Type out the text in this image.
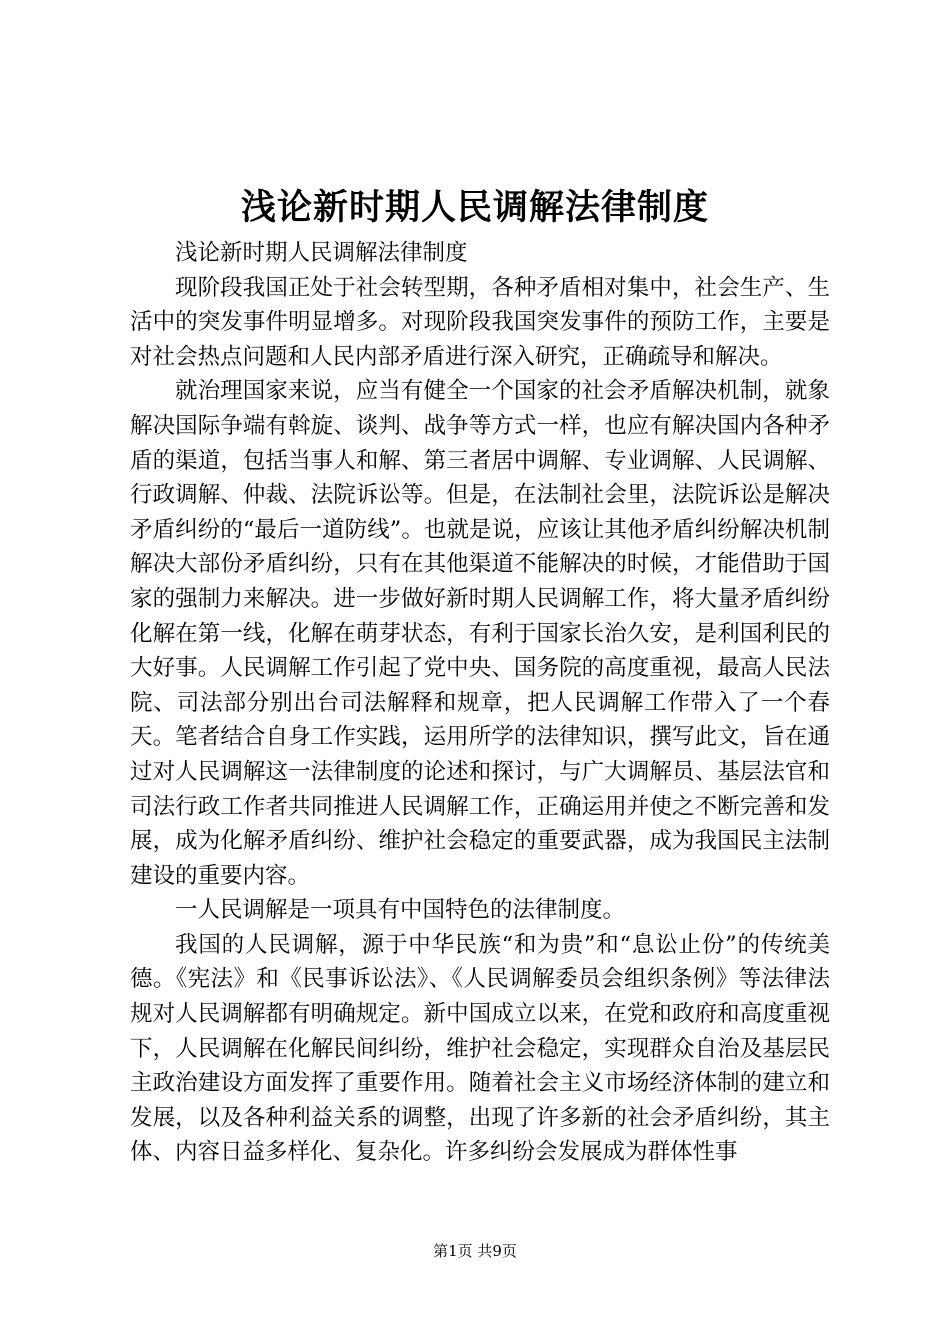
浅论新时期人民调解法律制度

浅论新时期人民调解法律制度

现阶段我国正处于社会转型期，各种矛盾相对集中，社会生产、生活中的突发事件明显增多。对现阶段我国突发事件的预防工作，主要是对社会热点问题和人民内部矛盾进行深入研究，正确疏导和解决。

就治理国家来说，应当有健全一个国家的社会矛盾解决机制，就象解决国际争端有斡旋、谈判、战争等方式一样，也应有解决国内各种矛盾的渠道，包括当事人和解、第三者居中调解、专业调解、人民调解、行政调解、仲裁、法院诉讼等。但是，在法制社会里，法院诉讼是解决矛盾纠纷的“最后一道防线”。也就是说，应该让其他矛盾纠纷解决机制解决大部份矛盾纠纷，只有在其他渠道不能解决的时候，才能借助于国家的强制力来解决。进一步做好新时期人民调解工作，将大量矛盾纠纷化解在第一线，化解在萌芽状态，有利于国家长治久安，是利国利民的大好事。人民调解工作引起了党中央、国务院的高度重视，最高人民法院、司法部分别出台司法解释和规章，把人民调解工作带入了一个春天。笔者结合自身工作实践，运用所学的法律知识，撰写此文，旨在通过对人民调解这一法律制度的论述和探讨，与广大调解员、基层法官和司法行政工作者共同推进人民调解工作，正确运用并使之不断完善和发展，成为化解矛盾纠纷、维护社会稳定的重要武器，成为我国民主法制建设的重要内容。

一人民调解是一项具有中国特色的法律制度。

我国的人民调解，源于中华民族“和为贵”和“息讼止份”的传统美德。《宪法》和《民事诉讼法》、《人民调解委员会组织条例》等法律法规对人民调解都有明确规定。新中国成立以来，在党和政府和高度重视下，人民调解在化解民间纠纷，维护社会稳定，实现群众自治及基层民主政治建设方面发挥了重要作用。随着社会主义市场经济体制的建立和发展，以及各种利益关系的调整，出现了许多新的社会矛盾纠纷，其主体、内容日益多样化、复杂化。许多纠纷会发展成为群体性事

第1页 共9页
